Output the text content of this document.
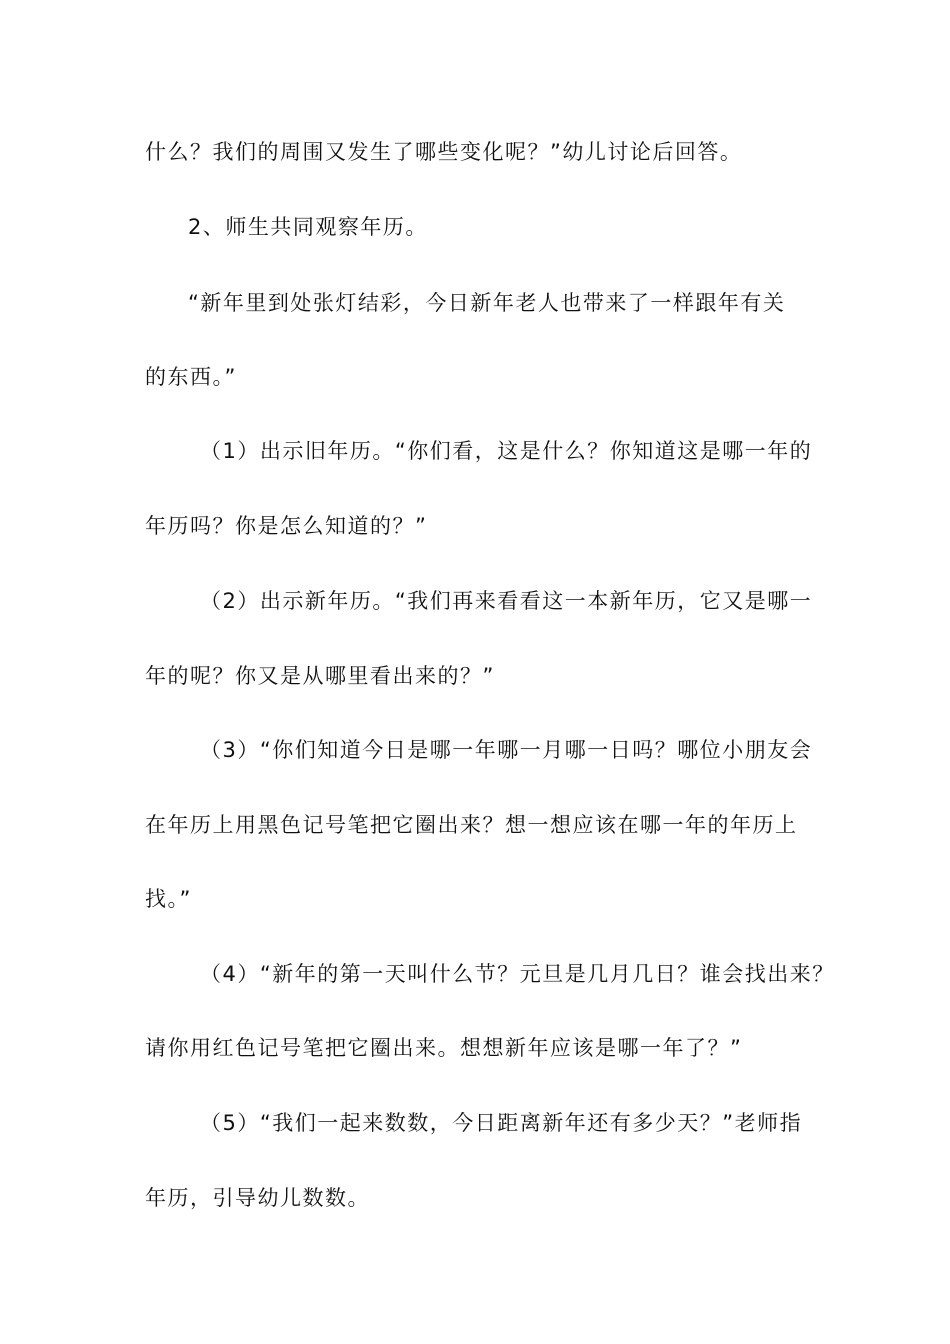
什么？我们的周围又发生了哪些变化呢？”幼儿讨论后回答。
2、师生共同观察年历。
“新年里到处张灯结彩，今日新年老人也带来了一样跟年有关
的东西。”
（1）出示旧年历。“你们看，这是什么？你知道这是哪一年的
年历吗？你是怎么知道的？”
（2）出示新年历。“我们再来看看这一本新年历，它又是哪一
年的呢？你又是从哪里看出来的？”
（3）“你们知道今日是哪一年哪一月哪一日吗？哪位小朋友会
在年历上用黑色记号笔把它圈出来？想一想应该在哪一年的年历上
找。”
（4）“新年的第一天叫什么节？元旦是几月几日？谁会找出来？
请你用红色记号笔把它圈出来。想想新年应该是哪一年了？”
（5）“我们一起来数数，今日距离新年还有多少天？”老师指
年历，引导幼儿数数。
